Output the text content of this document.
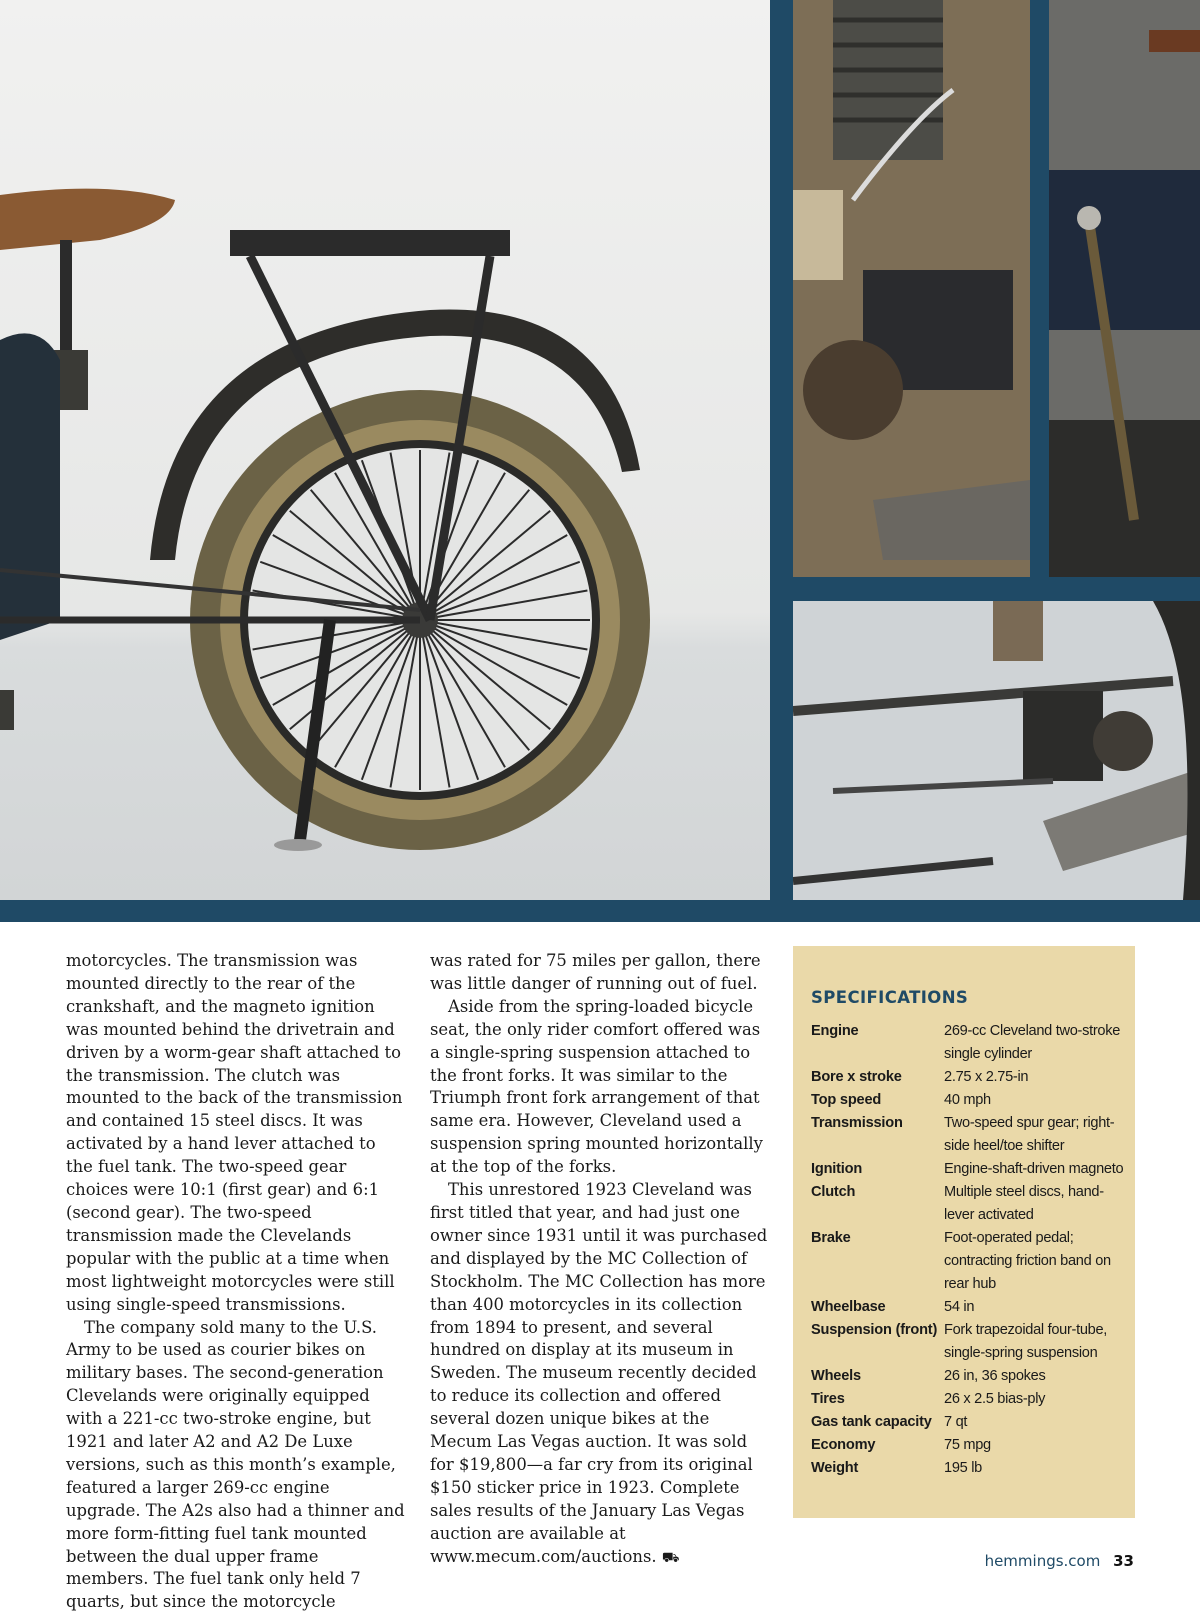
motorcycles. The transmission was mounted directly to the rear of the crankshaft, and the magneto ignition was mounted behind the drivetrain and driven by a worm-gear shaft attached to the transmission. The clutch was mounted to the back of the transmission and contained 15 steel discs. It was activated by a hand lever attached to the fuel tank. The two-speed gear choices were 10:1 (first gear) and 6:1 (second gear). The two-speed transmission made the Clevelands popular with the public at a time when most lightweight motorcycles were still using single-speed transmissions.

The company sold many to the U.S. Army to be used as courier bikes on military bases. The second-generation Clevelands were originally equipped with a 221-cc two-stroke engine, but 1921 and later A2 and A2 De Luxe versions, such as this month’s example, featured a larger 269-cc engine upgrade. The A2s also had a thinner and more form-fitting fuel tank mounted between the dual upper frame members. The fuel tank only held 7 quarts, but since the motorcycle

was rated for 75 miles per gallon, there was little danger of running out of fuel.

Aside from the spring-loaded bicycle seat, the only rider comfort offered was a single-spring suspension attached to the front forks. It was similar to the Triumph front fork arrangement of that same era. However, Cleveland used a suspension spring mounted horizontally at the top of the forks.

This unrestored 1923 Cleveland was first titled that year, and had just one owner since 1931 until it was purchased and displayed by the MC Collection of Stockholm. The MC Collection has more than 400 motorcycles in its collection from 1894 to present, and several hundred on display at its museum in Sweden. The museum recently decided to reduce its collection and offered several dozen unique bikes at the Mecum Las Vegas auction. It was sold for $19,800—a far cry from its original $150 sticker price in 1923. Complete sales results of the January Las Vegas auction are available at www.mecum.com/auctions. ⛟

SPECIFICATIONS
Engine	269-cc Cleveland two-stroke single cylinder
Bore x stroke	2.75 x 2.75-in
Top speed	40 mph
Transmission	Two-speed spur gear; right-side heel/toe shifter
Ignition	Engine-shaft-driven magneto
Clutch	Multiple steel discs, hand-lever activated
Brake	Foot-operated pedal; contracting friction band on rear hub
Wheelbase	54 in
Suspension (front)	Fork trapezoidal four-tube, single-spring suspension
Wheels	26 in, 36 spokes
Tires	26 x 2.5 bias-ply
Gas tank capacity	7 qt
Economy	75 mpg
Weight	195 lb
hemmings.com 33
